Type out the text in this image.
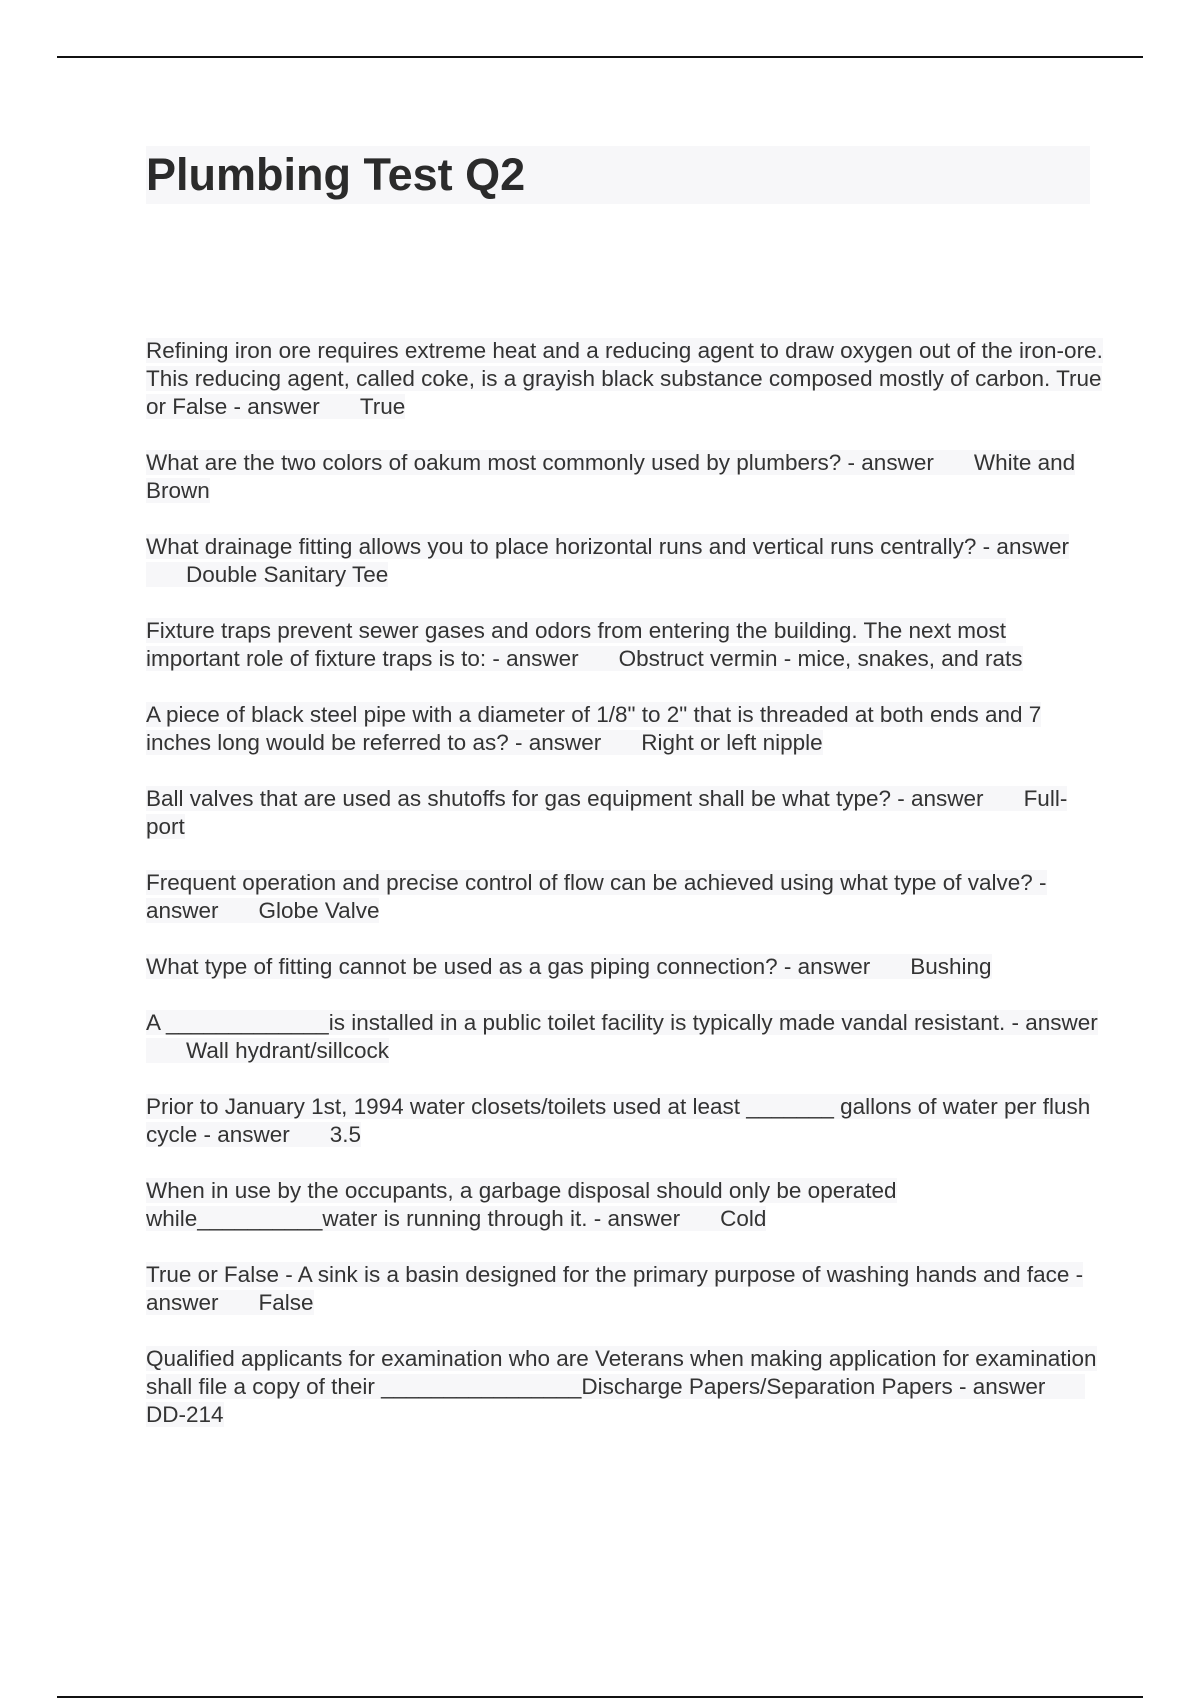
Plumbing Test Q2

Refining iron ore requires extreme heat and a reducing agent to draw oxygen out of the iron-ore. This reducing agent, called coke, is a grayish black substance composed mostly of carbon. True or False - answer True

What are the two colors of oakum most commonly used by plumbers? - answer White and Brown

What drainage fitting allows you to place horizontal runs and vertical runs centrally? - answerDouble Sanitary Tee

Fixture traps prevent sewer gases and odors from entering the building. The next most important role of fixture traps is to: - answer Obstruct vermin - mice, snakes, and rats

A piece of black steel pipe with a diameter of 1/8" to 2" that is threaded at both ends and 7 inches long would be referred to as? - answer Right or left nipple

Ball valves that are used as shutoffs for gas equipment shall be what type? - answer Full-port

Frequent operation and precise control of flow can be achieved using what type of valve? - answer Globe Valve

What type of fitting cannot be used as a gas piping connection? - answer Bushing

A _____________is installed in a public toilet facility is typically made vandal resistant. - answerWall hydrant/sillcock

Prior to January 1st, 1994 water closets/toilets used at least _______ gallons of water per flush cycle - answer 3.5

When in use by the occupants, a garbage disposal should only be operated while__________water is running through it. - answer Cold

True or False - A sink is a basin designed for the primary purpose of washing hands and face - answer False

Qualified applicants for examination who are Veterans when making application for examination shall file a copy of their ________________Discharge Papers/Separation Papers - answerDD-214
